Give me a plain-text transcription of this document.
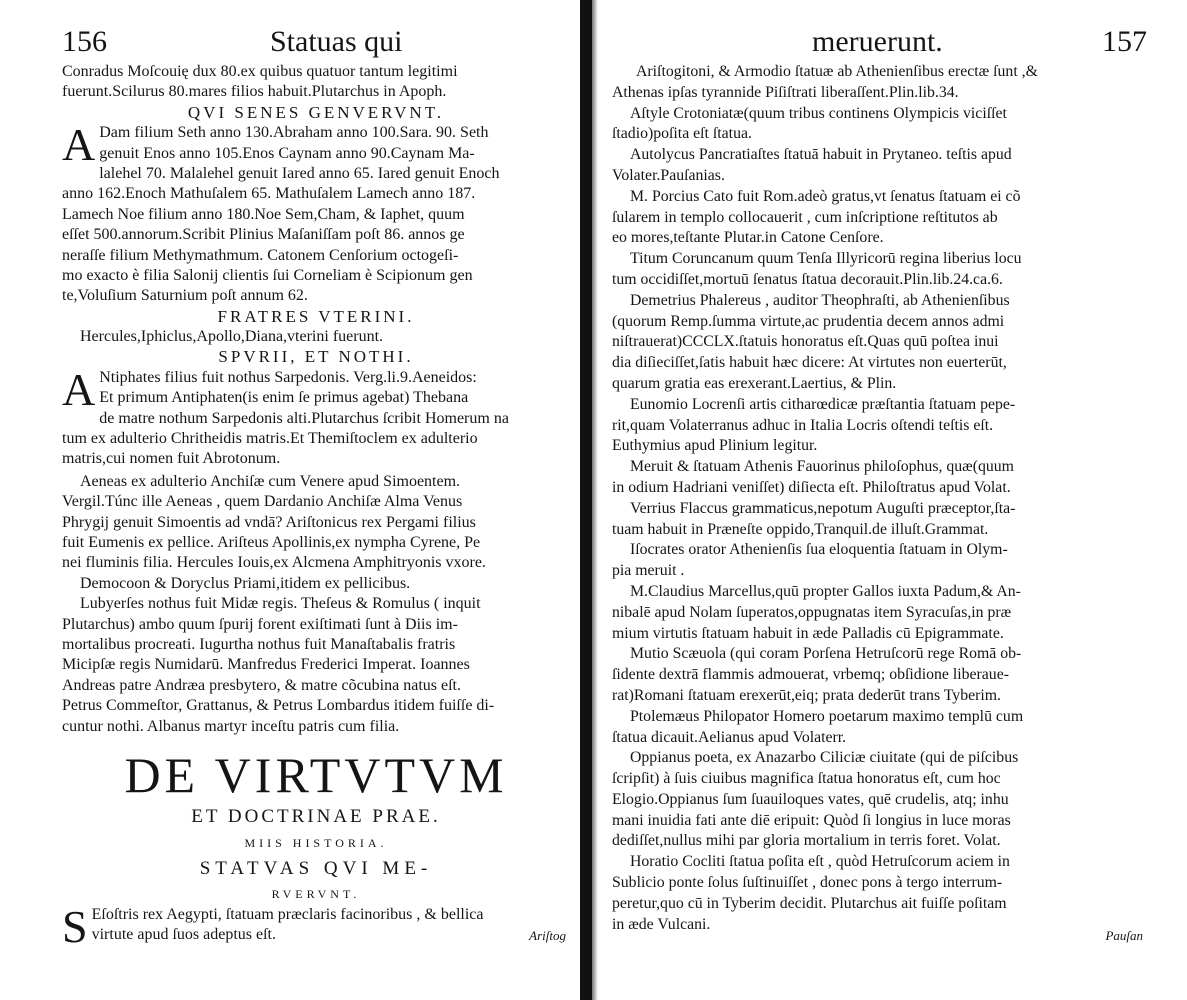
156	Statuas qui
Conradus Moſcouię dux 80.ex quibus quatuor tantum legitimi
fuerunt.Scilurus 80.mares filios habuit.Plutarchus in Apoph.
QVI SENES GENVERVNT.
A Dam filium Seth anno 130.Abraham anno 100.Sara. 90. Seth
genuit Enos anno 105.Enos Caynam anno 90.Caynam Ma-
lalehel 70. Malalehel genuit Iared anno 65. Iared genuit Enoch
anno 162.Enoch Mathuſalem 65. Mathuſalem Lamech anno 187.
Lamech Noe filium anno 180.Noe Sem,Cham, & Iaphet, quum
eſſet 500.annorum.Scribit Plinius Maſaniſſam poſt 86. annos ge
neraſſe filium Methymathmum. Catonem Cenſorium octogeſi-
mo exacto è filia Salonij clientis ſui Corneliam è Scipionum gen
te,Voluſium Saturnium poſt annum 62.
FRATRES VTERINI.
Hercules,Iphiclus,Apollo,Diana,vterini fuerunt.
SPVRII, ET NOTHI.
A Ntiphates filius fuit nothus Sarpedonis. Verg.li.9.Aeneidos:
Et primum Antiphaten(is enim ſe primus agebat) Thebana
de matre nothum Sarpedonis alti.Plutarchus ſcribit Homerum na
tum ex adulterio Chritheidis matris.Et Themiſtoclem ex adulterio
matris,cui nomen fuit Abrotonum.
Aeneas ex adulterio Anchiſæ cum Venere apud Simoentem.
Vergil.Túnc ille Aeneas , quem Dardanio Anchiſæ Alma Venus
Phrygij genuit Simoentis ad vndā? Ariſtonicus rex Pergami filius
fuit Eumenis ex pellice. Ariſteus Apollinis,ex nympha Cyrene, Pe
nei fluminis filia. Hercules Iouis,ex Alcmena Amphitryonis vxore.
Democoon & Doryclus Priami,itidem ex pellicibus.
Lubyerſes nothus fuit Midæ regis. Theſeus & Romulus ( inquit
Plutarchus) ambo quum ſpurij forent exiſtimati ſunt à Diis im-
mortalibus procreati. Iugurtha nothus fuit Manaſtabalis fratris
Micipſæ regis Numidarū. Manfredus Frederici Imperat. Ioannes
Andreas patre Andræa presbytero, & matre cõcubina natus eſt.
Petrus Commeſtor, Grattanus, & Petrus Lombardus itidem fuiſſe di-
cuntur nothi. Albanus martyr inceſtu patris cum filia.
DE VIRTVTVM
ET DOCTRINAE PRAE.
MIIS HISTORIA.
STATVAS QVI ME-
RVERVNT.
S Eſoſtris rex Aegypti, ſtatuam præclaris facinoribus , & bellica
virtute apud ſuos adeptus eſt.	Ariſtog
meruerunt.	157
Ariſtogitoni, & Armodio ſtatuæ ab Athenienſibus erectæ ſunt ,&
Athenas ipſas tyrannide Piſiſtrati liberaſſent.Plin.lib.34.
Aſtyle Crotoniatæ(quum tribus continens Olympicis viciſſet
ſtadio)poſita eſt ſtatua.
Autolycus Pancratiaſtes ſtatuā habuit in Prytaneo. teſtis apud
Volater.Pauſanias.
M. Porcius Cato fuit Rom.adeò gratus,vt ſenatus ſtatuam ei cõ
ſularem in templo collocauerit , cum inſcriptione reſtitutos ab
eo mores,teſtante Plutar.in Catone Cenſore.
Titum Coruncanum quum Tenſa Illyricorū regina liberius locu
tum occidiſſet,mortuū ſenatus ſtatua decorauit.Plin.lib.24.ca.6.
Demetrius Phalereus , auditor Theophraſti, ab Athenienſibus
(quorum Remp.ſumma virtute,ac prudentia decem annos admi
niſtrauerat)CCCLX.ſtatuis honoratus eſt.Quas quū poſtea inui
dia diſieciſſet,ſatis habuit hæc dicere: At virtutes non euerterūt,
quarum gratia eas erexerant.Laertius, & Plin.
Eunomio Locrenſi artis citharœdicæ præſtantia ſtatuam pepe-
rit,quam Volaterranus adhuc in Italia Locris oſtendi teſtis eſt.
Euthymius apud Plinium legitur.
Meruit & ſtatuam Athenis Fauorinus philoſophus, quæ(quum
in odium Hadriani veniſſet) diſiecta eſt. Philoſtratus apud Volat.
Verrius Flaccus grammaticus,nepotum Auguſti præceptor,ſta-
tuam habuit in Præneſte oppido,Tranquil.de illuſt.Grammat.
Iſocrates orator Athenienſis ſua eloquentia ſtatuam in Olym-
pia meruit .
M.Claudius Marcellus,quū propter Gallos iuxta Padum,& An-
nibalē apud Nolam ſuperatos,oppugnatas item Syracuſas,in præ
mium virtutis ſtatuam habuit in æde Palladis cū Epigrammate.
Mutio Scæuola (qui coram Porſena Hetruſcorū rege Romā ob-
ſidente dextrā flammis admouerat, vrbemq; obſidione liberaue-
rat)Romani ſtatuam erexerūt,eiq; prata dederūt trans Tyberim.
Ptolemæus Philopator Homero poetarum maximo templū cum
ſtatua dicauit.Aelianus apud Volaterr.
Oppianus poeta, ex Anazarbo Ciliciæ ciuitate (qui de piſcibus
ſcripſit) à ſuis ciuibus magnifica ſtatua honoratus eſt, cum hoc
Elogio.Oppianus ſum ſuauiloques vates, quē crudelis, atq; inhu
mani inuidia fati ante diē eripuit: Quòd ſi longius in luce moras
dediſſet,nullus mihi par gloria mortalium in terris foret. Volat.
Horatio Cocliti ſtatua poſita eſt , quòd Hetruſcorum aciem in
Sublicio ponte ſolus ſuſtinuiſſet , donec pons à tergo interrum-
peretur,quo cū in Tyberim decidit. Plutarchus ait fuiſſe poſitam
in æde Vulcani.
Pauſan
